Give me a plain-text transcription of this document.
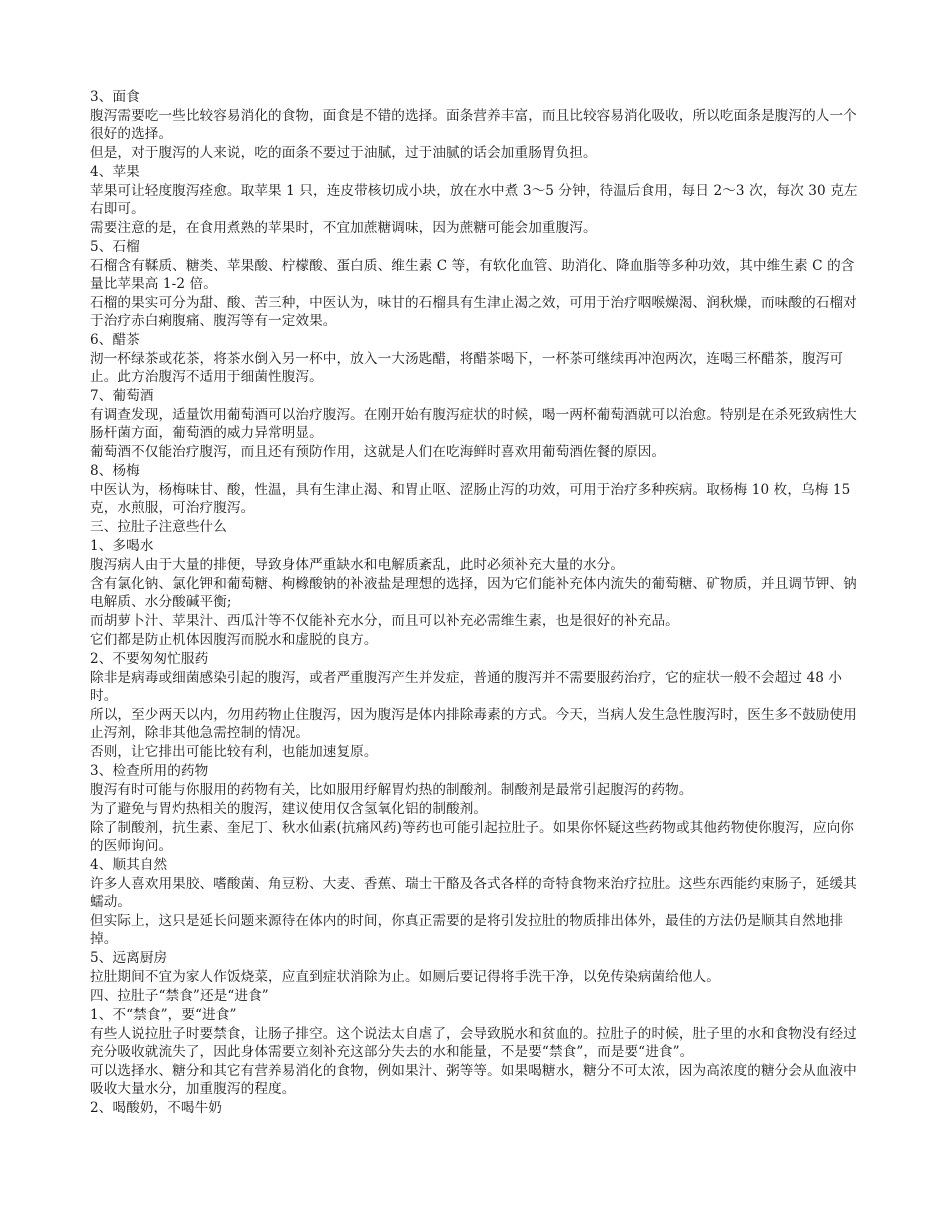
3、面食

腹泻需要吃一些比较容易消化的食物，面食是不错的选择。面条营养丰富，而且比较容易消化吸收，所以吃面条是腹泻的人一个很好的选择。

但是，对于腹泻的人来说，吃的面条不要过于油腻，过于油腻的话会加重肠胃负担。

4、苹果

苹果可让轻度腹泻痊愈。取苹果 1 只，连皮带核切成小块，放在水中煮 3～5 分钟，待温后食用，每日 2～3 次，每次 30 克左右即可。

需要注意的是，在食用煮熟的苹果时，不宜加蔗糖调味，因为蔗糖可能会加重腹泻。

5、石榴

石榴含有鞣质、糖类、苹果酸、柠檬酸、蛋白质、维生素 C 等，有软化血管、助消化、降血脂等多种功效，其中维生素 C 的含量比苹果高 1-2 倍。

石榴的果实可分为甜、酸、苦三种，中医认为，味甘的石榴具有生津止渴之效，可用于治疗咽喉燥渴、润秋燥，而味酸的石榴对于治疗赤白痢腹痛、腹泻等有一定效果。

6、醋茶

沏一杯绿茶或花茶，将茶水倒入另一杯中，放入一大汤匙醋，将醋茶喝下，一杯茶可继续再冲泡两次，连喝三杯醋茶，腹泻可止。此方治腹泻不适用于细菌性腹泻。

7、葡萄酒

有调查发现，适量饮用葡萄酒可以治疗腹泻。在刚开始有腹泻症状的时候，喝一两杯葡萄酒就可以治愈。特别是在杀死致病性大肠杆菌方面，葡萄酒的威力异常明显。

葡萄酒不仅能治疗腹泻，而且还有预防作用，这就是人们在吃海鲜时喜欢用葡萄酒佐餐的原因。

8、杨梅

中医认为，杨梅味甘、酸，性温，具有生津止渴、和胃止呕、涩肠止泻的功效，可用于治疗多种疾病。取杨梅 10 枚，乌梅 15 克，水煎服，可治疗腹泻。

三、拉肚子注意些什么

1、多喝水

腹泻病人由于大量的排便，导致身体严重缺水和电解质紊乱，此时必须补充大量的水分。

含有氯化钠、氯化钾和葡萄糖、枸橼酸钠的补液盐是理想的选择，因为它们能补充体内流失的葡萄糖、矿物质，并且调节钾、钠电解质、水分酸碱平衡;

而胡萝卜汁、苹果汁、西瓜汁等不仅能补充水分，而且可以补充必需维生素，也是很好的补充品。

它们都是防止机体因腹泻而脱水和虚脱的良方。

2、不要匆匆忙服药

除非是病毒或细菌感染引起的腹泻，或者严重腹泻产生并发症，普通的腹泻并不需要服药治疗，它的症状一般不会超过 48 小时。

所以，至少两天以内，勿用药物止住腹泻，因为腹泻是体内排除毒素的方式。今天，当病人发生急性腹泻时，医生多不鼓励使用止泻剂，除非其他急需控制的情况。

否则，让它排出可能比较有利，也能加速复原。

3、检查所用的药物

腹泻有时可能与你服用的药物有关，比如服用纾解胃灼热的制酸剂。制酸剂是最常引起腹泻的药物。

为了避免与胃灼热相关的腹泻，建议使用仅含氢氧化铝的制酸剂。

除了制酸剂，抗生素、奎尼丁、秋水仙素(抗痛风药)等药也可能引起拉肚子。如果你怀疑这些药物或其他药物使你腹泻，应向你的医师询问。

4、顺其自然

许多人喜欢用果胶、嗜酸菌、角豆粉、大麦、香蕉、瑞士干酪及各式各样的奇特食物来治疗拉肚。这些东西能约束肠子，延缓其蠕动。

但实际上，这只是延长问题来源待在体内的时间，你真正需要的是将引发拉肚的物质排出体外，最佳的方法仍是顺其自然地排掉。

5、远离厨房

拉肚期间不宜为家人作饭烧菜，应直到症状消除为止。如厕后要记得将手洗干净，以免传染病菌给他人。

四、拉肚子“禁食”还是“进食”

1、不“禁食”，要“进食”

有些人说拉肚子时要禁食，让肠子排空。这个说法太自虐了，会导致脱水和贫血的。拉肚子的时候，肚子里的水和食物没有经过充分吸收就流失了，因此身体需要立刻补充这部分失去的水和能量，不是要“禁食”，而是要“进食”。

可以选择水、糖分和其它有营养易消化的食物，例如果汁、粥等等。如果喝糖水，糖分不可太浓，因为高浓度的糖分会从血液中吸收大量水分，加重腹泻的程度。

2、喝酸奶，不喝牛奶
